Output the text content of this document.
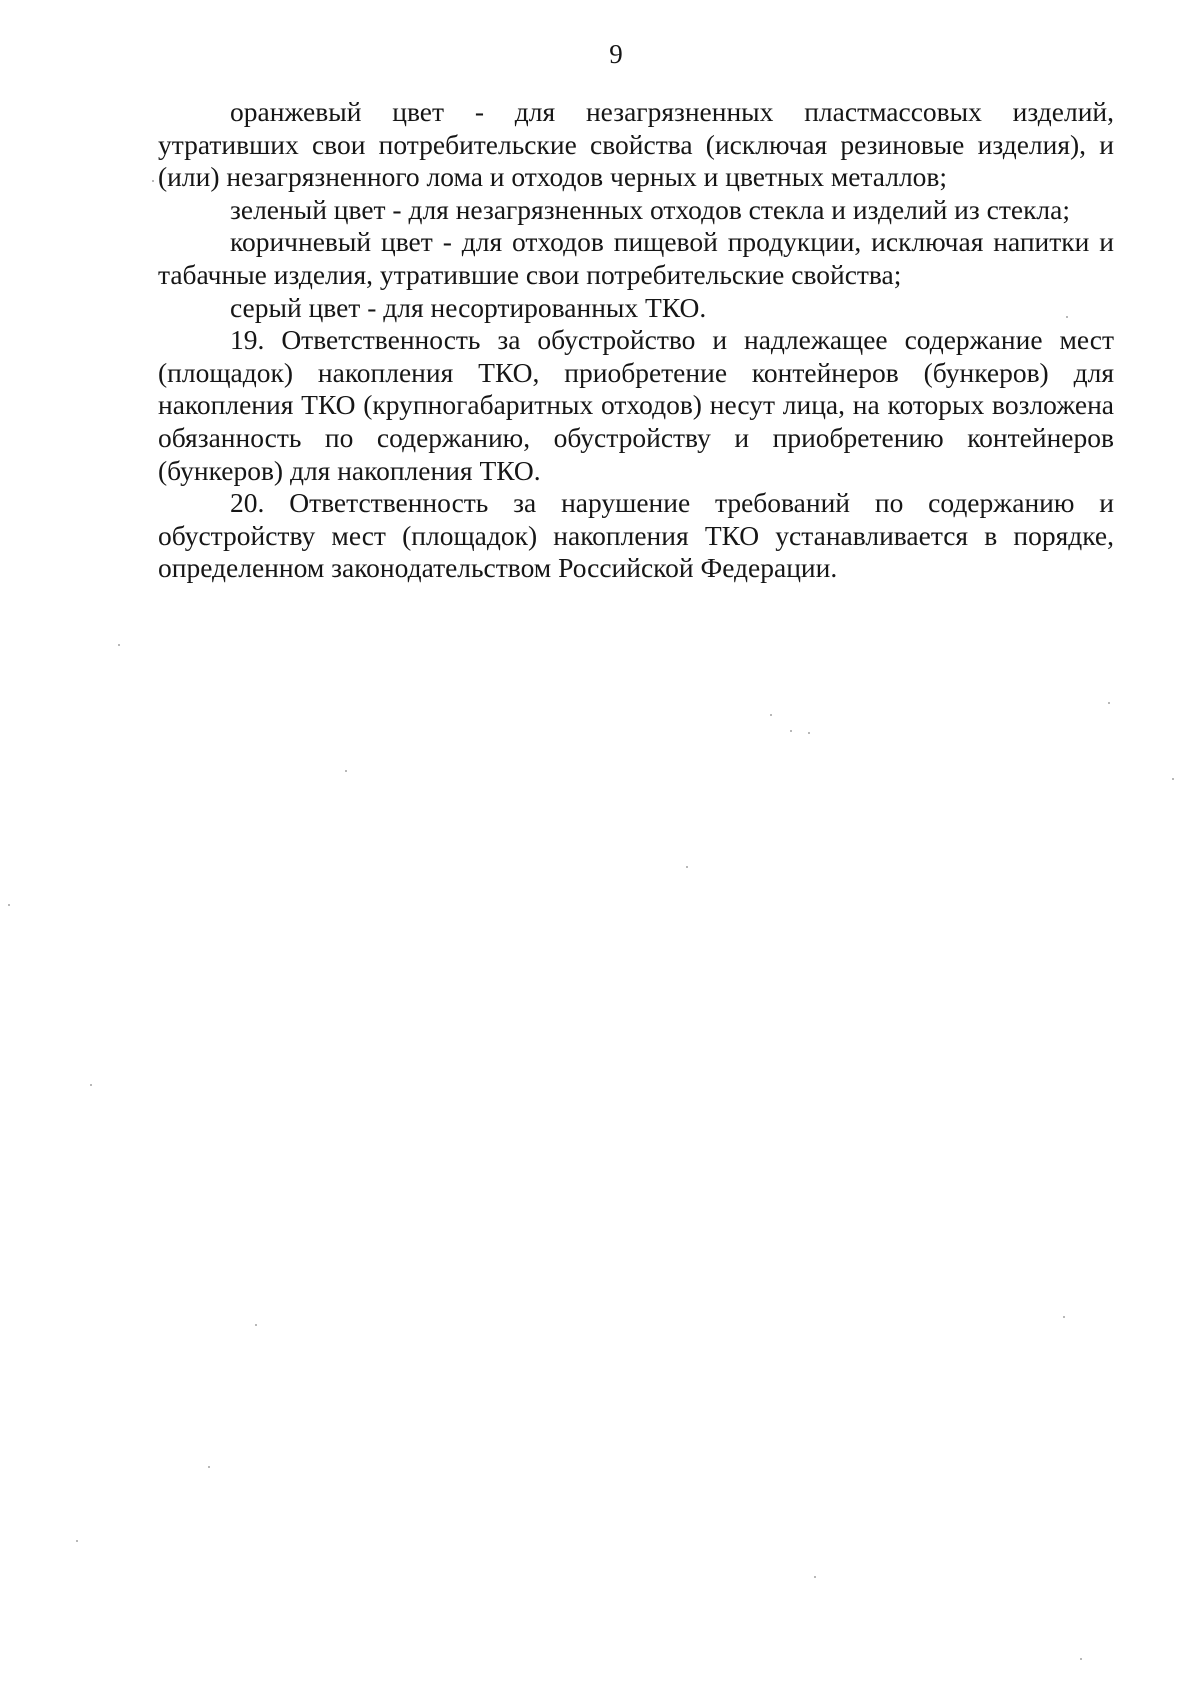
9

оранжевый цвет - для незагрязненных пластмассовых изделий, утративших свои потребительские свойства (исключая резиновые изделия), и (или) незагрязненного лома и отходов черных и цветных металлов;

зеленый цвет - для незагрязненных отходов стекла и изделий из стекла;

коричневый цвет - для отходов пищевой продукции, исключая напитки и табачные изделия, утратившие свои потребительские свойства;

серый цвет - для несортированных ТКО.

19. Ответственность за обустройство и надлежащее содержание мест (площадок) накопления ТКО, приобретение контейнеров (бункеров) для накопления ТКО (крупногабаритных отходов) несут лица, на которых возложена обязанность по содержанию, обустройству и приобретению контейнеров (бункеров) для накопления ТКО.

20. Ответственность за нарушение требований по содержанию и обустройству мест (площадок) накопления ТКО устанавливается в порядке, определенном законодательством Российской Федерации.
